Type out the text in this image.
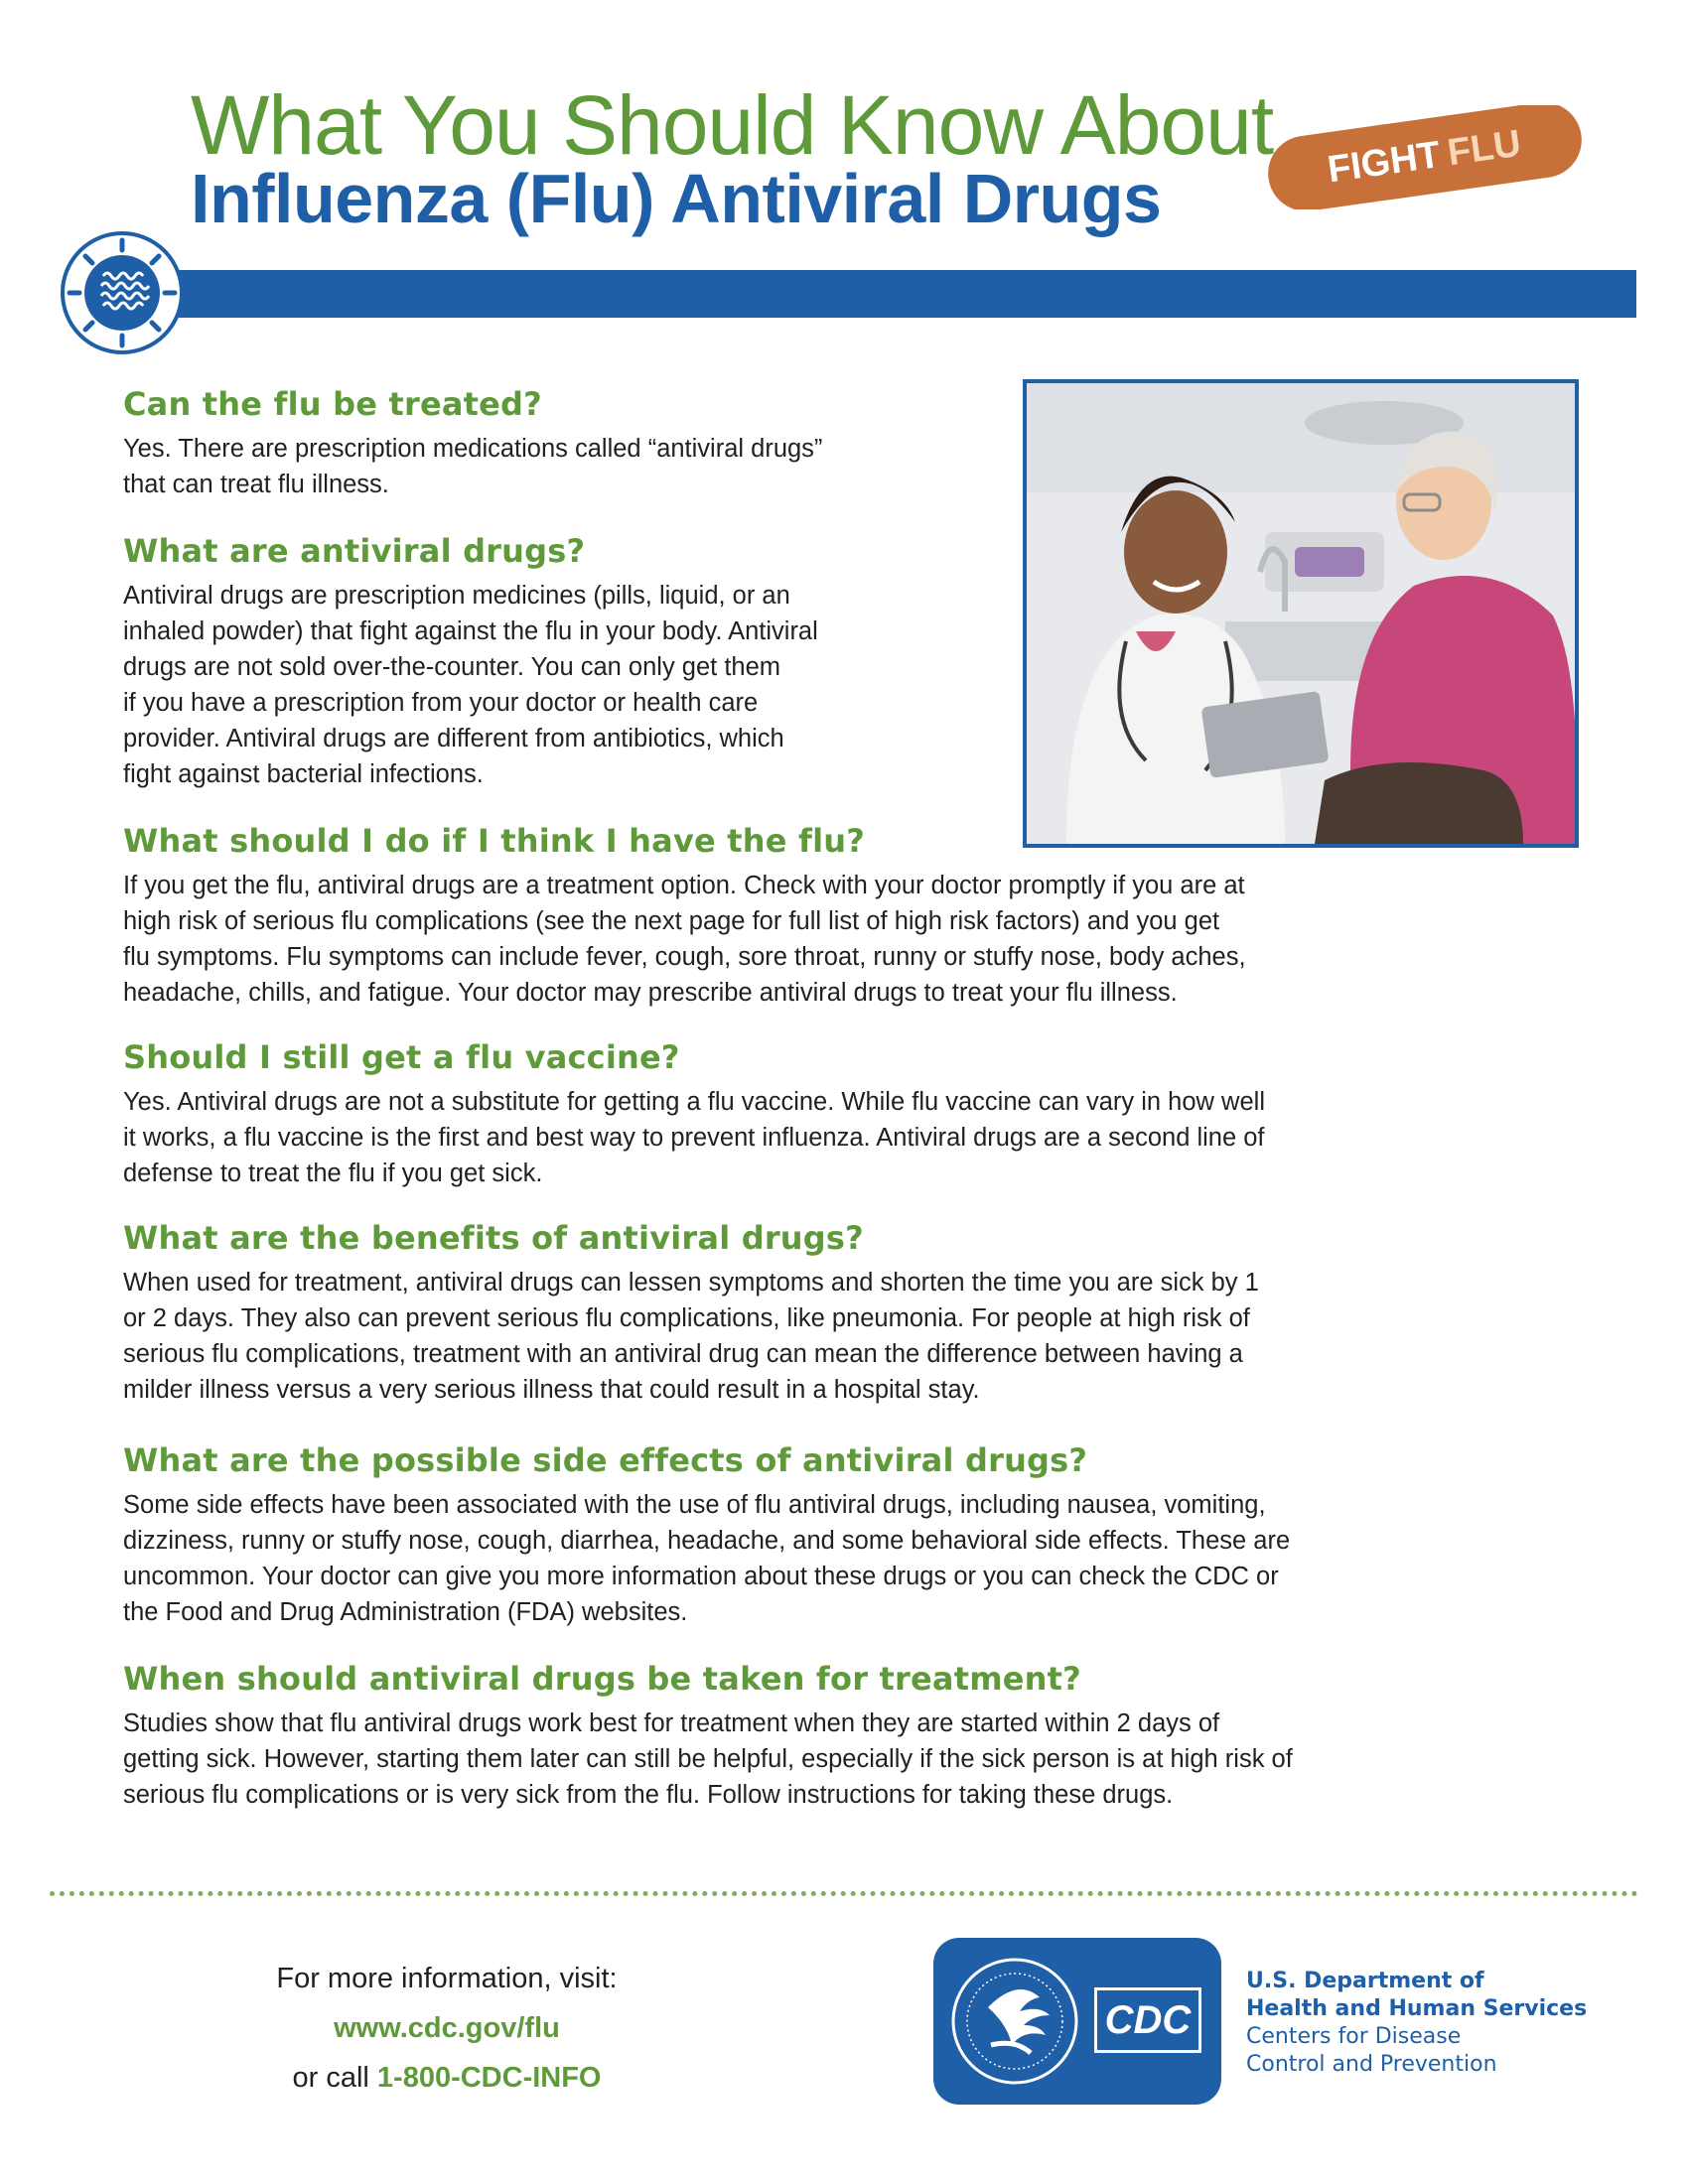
What You Should Know About
Influenza (Flu) Antiviral Drugs	FIGHT FLU
Can the flu be treated?

Yes. There are prescription medications called “antiviral drugs”
that can treat flu illness.

What are antiviral drugs?

Antiviral drugs are prescription medicines (pills, liquid, or an
inhaled powder) that fight against the flu in your body. Antiviral
drugs are not sold over-the-counter. You can only get them
if you have a prescription from your doctor or health care
provider. Antiviral drugs are different from antibiotics, which
fight against bacterial infections.

What should I do if I think I have the flu?

If you get the flu, antiviral drugs are a treatment option. Check with your doctor promptly if you are at
high risk of serious flu complications (see the next page for full list of high risk factors) and you get
flu symptoms. Flu symptoms can include fever, cough, sore throat, runny or stuffy nose, body aches,
headache, chills, and fatigue. Your doctor may prescribe antiviral drugs to treat your flu illness.

Should I still get a flu vaccine?

Yes. Antiviral drugs are not a substitute for getting a flu vaccine. While flu vaccine can vary in how well
it works, a flu vaccine is the first and best way to prevent influenza. Antiviral drugs are a second line of
defense to treat the flu if you get sick.

What are the benefits of antiviral drugs?

When used for treatment, antiviral drugs can lessen symptoms and shorten the time you are sick by 1
or 2 days. They also can prevent serious flu complications, like pneumonia. For people at high risk of
serious flu complications, treatment with an antiviral drug can mean the difference between having a
milder illness versus a very serious illness that could result in a hospital stay.

What are the possible side effects of antiviral drugs?

Some side effects have been associated with the use of flu antiviral drugs, including nausea, vomiting,
dizziness, runny or stuffy nose, cough, diarrhea, headache, and some behavioral side effects. These are
uncommon. Your doctor can give you more information about these drugs or you can check the CDC or
the Food and Drug Administration (FDA) websites.

When should antiviral drugs be taken for treatment?

Studies show that flu antiviral drugs work best for treatment when they are started within 2 days of
getting sick. However, starting them later can still be helpful, especially if the sick person is at high risk of
serious flu complications or is very sick from the flu. Follow instructions for taking these drugs.

For more information, visit:
www.cdc.gov/flu
or call 1-800-CDC-INFO
CDC
U.S. Department of
Health and Human Services
Centers for Disease
Control and Prevention
